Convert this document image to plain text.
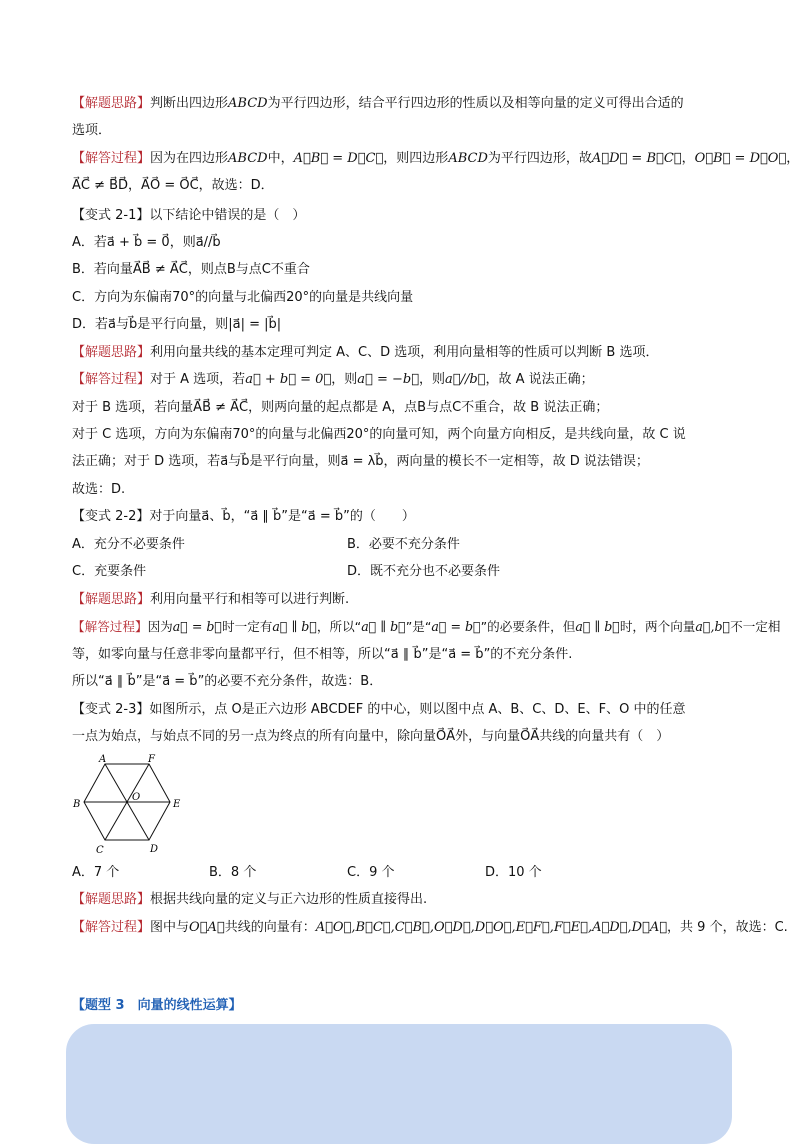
【解题思路】判断出四边形ABCD为平行四边形，结合平行四边形的性质以及相等向量的定义可得出合适的
选项．
【解答过程】因为在四边形ABCD中，A⃗B⃗ = D⃗C⃗，则四边形ABCD为平行四边形，故A⃗D⃗ = B⃗C⃗，O⃗B⃗ = D⃗O⃗，
A⃗C⃗ ≠ B⃗D⃗，A⃗O⃗ = O⃗C⃗，故选：D．
【变式 2-1】以下结论中错误的是（　）
A．若a⃗ + b⃗ = 0⃗，则a⃗//b⃗
B．若向量A⃗B⃗ ≠ A⃗C⃗，则点B与点C不重合
C．方向为东偏南70°的向量与北偏西20°的向量是共线向量
D．若a⃗与b⃗是平行向量，则|a⃗| = |b⃗|
【解题思路】利用向量共线的基本定理可判定 A、C、D 选项，利用向量相等的性质可以判断 B 选项．
【解答过程】对于 A 选项，若a⃗ + b⃗ = 0⃗，则a⃗ = −b⃗，则a⃗//b⃗，故 A 说法正确；
对于 B 选项，若向量A⃗B⃗ ≠ A⃗C⃗，则两向量的起点都是 A，点B与点C不重合，故 B 说法正确；
对于 C 选项，方向为东偏南70°的向量与北偏西20°的向量可知，两个向量方向相反，是共线向量，故 C 说
法正确；对于 D 选项，若a⃗与b⃗是平行向量，则a⃗ = λb⃗，两向量的模长不一定相等，故 D 说法错误；
故选：D.
【变式 2-2】对于向量a⃗、b⃗，“a⃗ ∥ b⃗”是“a⃗ = b⃗”的（　　）
A．充分不必要条件	B．必要不充分条件
C．充要条件	D．既不充分也不必要条件
【解题思路】利用向量平行和相等可以进行判断.
【解答过程】因为a⃗ = b⃗时一定有a⃗ ∥ b⃗，所以“a⃗ ∥ b⃗”是“a⃗ = b⃗”的必要条件，但a⃗ ∥ b⃗时，两个向量a⃗,b⃗不一定相
等，如零向量与任意非零向量都平行，但不相等，所以“a⃗ ∥ b⃗”是“a⃗ = b⃗”的不充分条件.
所以“a⃗ ∥ b⃗”是“a⃗ = b⃗”的必要不充分条件，故选：B．
【变式 2-3】如图所示，点 O是正六边形 ABCDEF 的中心，则以图中点 A、B、C、D、E、F、O 中的任意
一点为始点，与始点不同的另一点为终点的所有向量中，除向量O⃗A⃗外，与向量O⃗A⃗共线的向量共有（　）
A	F
B
O
E
C	D
A．7 个	B．8 个	C．9 个	D．10 个
【解题思路】根据共线向量的定义与正六边形的性质直接得出.
【解答过程】图中与O⃗A⃗共线的向量有：A⃗O⃗,B⃗C⃗,C⃗B⃗,O⃗D⃗,D⃗O⃗,E⃗F⃗,F⃗E⃗,A⃗D⃗,D⃗A⃗，共 9 个，故选：C.
【题型 3　向量的线性运算】
